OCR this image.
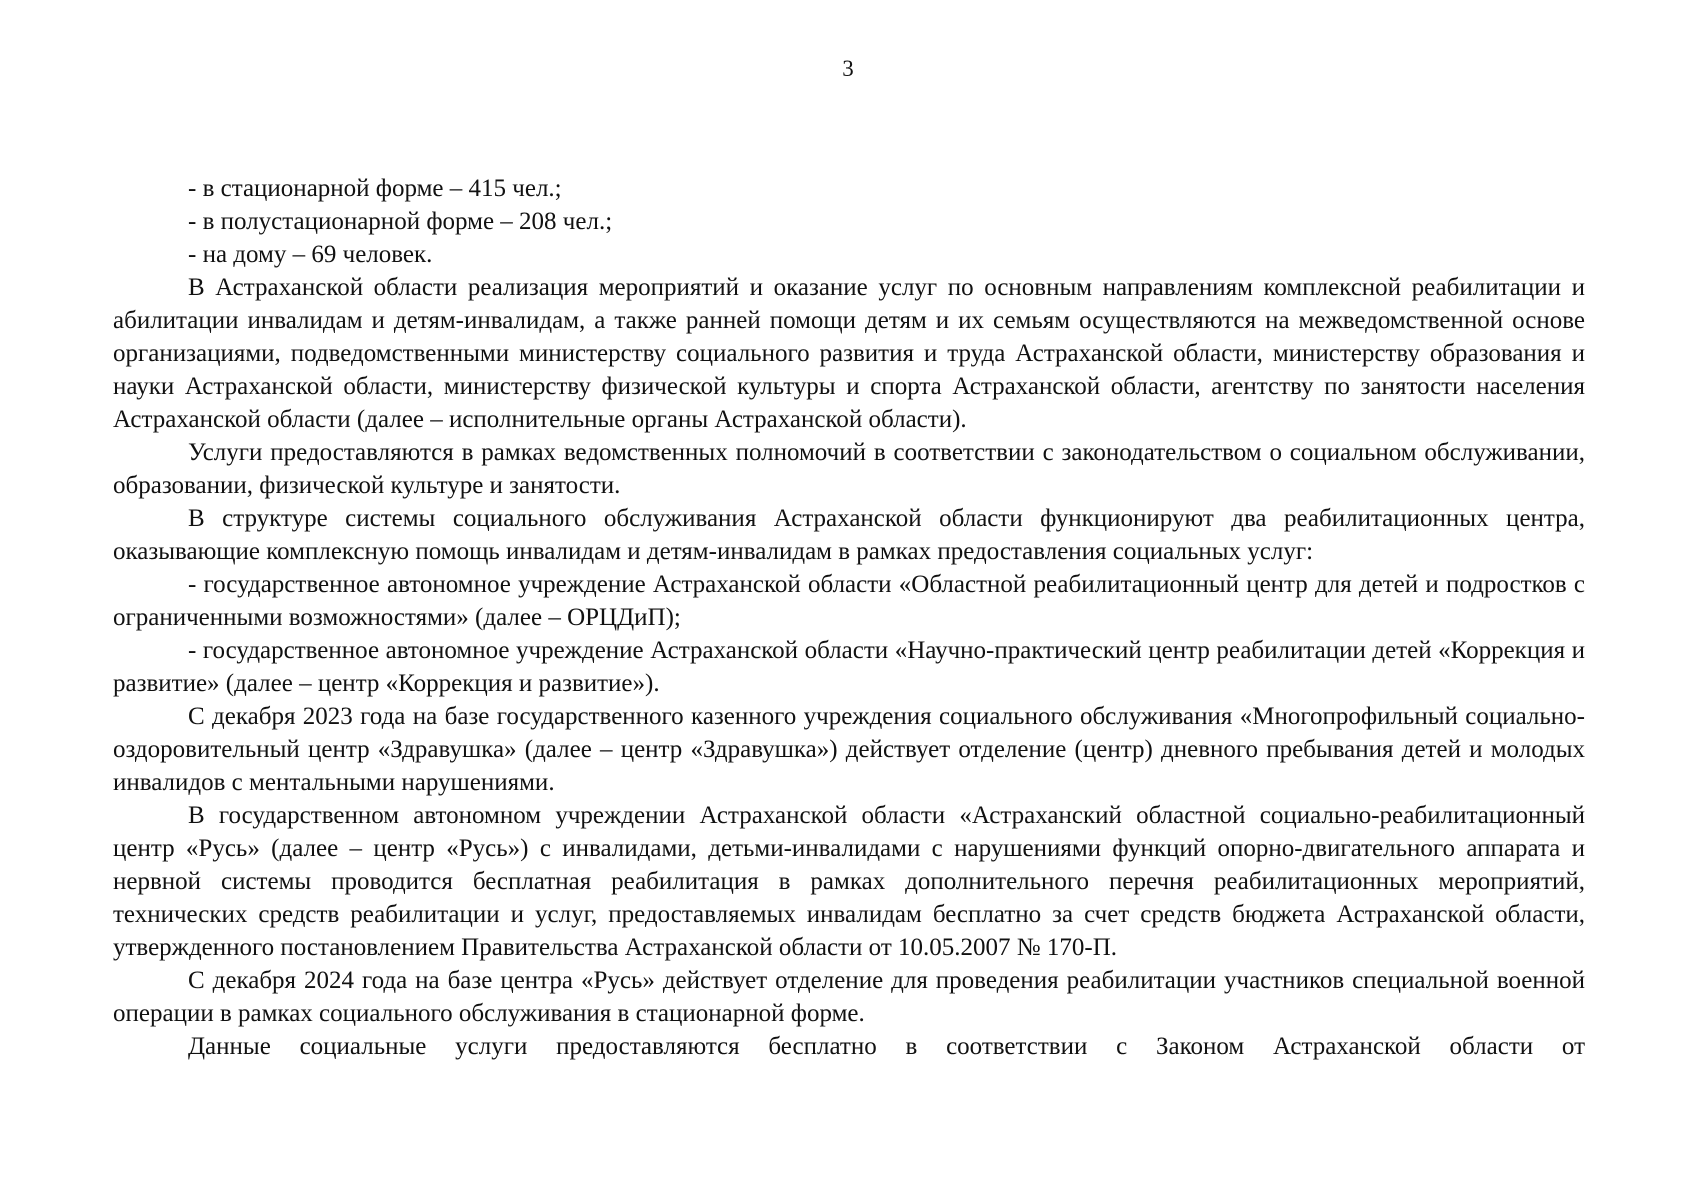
3

- в стационарной форме – 415 чел.;

- в полустационарной форме – 208 чел.;

- на дому – 69 человек.

В Астраханской области реализация мероприятий и оказание услуг по основным направлениям комплексной реабилитации и абилитации инвалидам и детям-инвалидам, а также ранней помощи детям и их семьям осуществляются на межведомственной основе организациями, подведомственными министерству социального развития и труда Астраханской области, министерству образования и науки Астраханской области, министерству физической культуры и спорта Астраханской области, агентству по занятости населения Астраханской области (далее – исполнительные органы Астраханской области).

Услуги предоставляются в рамках ведомственных полномочий в соответствии с законодательством о социальном обслуживании, образовании, физической культуре и занятости.

В структуре системы социального обслуживания Астраханской области функционируют два реабилитационных центра, оказывающие комплексную помощь инвалидам и детям-инвалидам в рамках предоставления социальных услуг:

- государственное автономное учреждение Астраханской области «Областной реабилитационный центр для детей и подростков с ограниченными возможностями» (далее – ОРЦДиП);

- государственное автономное учреждение Астраханской области «Научно-практический центр реабилитации детей «Коррекция и развитие» (далее – центр «Коррекция и развитие»).

С декабря 2023 года на базе государственного казенного учреждения социального обслуживания «Многопрофильный социально-оздоровительный центр «Здравушка» (далее – центр «Здравушка») действует отделение (центр) дневного пребывания детей и молодых инвалидов с ментальными нарушениями.

В государственном автономном учреждении Астраханской области «Астраханский областной социально-реабилитационный центр «Русь» (далее – центр «Русь») с инвалидами, детьми-инвалидами с нарушениями функций опорно-двигательного аппарата и нервной системы проводится бесплатная реабилитация в рамках дополнительного перечня реабилитационных мероприятий, технических средств реабилитации и услуг, предоставляемых инвалидам бесплатно за счет средств бюджета Астраханской области, утвержденного постановлением Правительства Астраханской области от 10.05.2007 № 170-П.

С декабря 2024 года на базе центра «Русь» действует отделение для проведения реабилитации участников специальной военной операции в рамках социального обслуживания в стационарной форме.

Данные социальные услуги предоставляются бесплатно в соответствии с Законом Астраханской области от
